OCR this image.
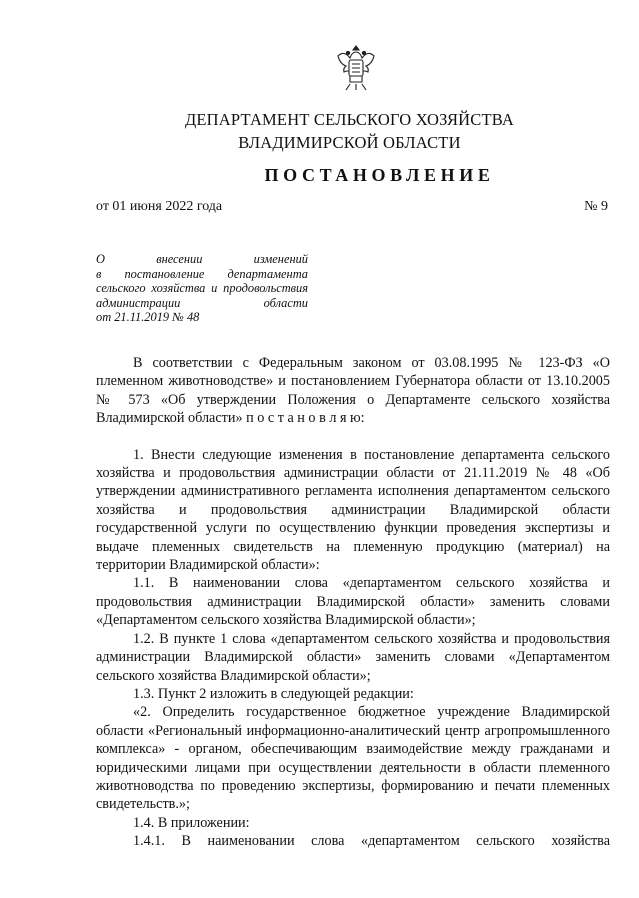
ДЕПАРТАМЕНТ СЕЛЬСКОГО ХОЗЯЙСТВА
ВЛАДИМИРСКОЙ ОБЛАСТИ
ПОСТАНОВЛЕНИЕ
от 01 июня 2022 года	№ 9
О внесении изменений
в постановление департамента
сельского хозяйства и продовольствия
администрации области
от 21.11.2019 № 48

В соответствии с Федеральным законом от 03.08.1995 № 123-ФЗ «О племенном животноводстве» и постановлением Губернатора области от 13.10.2005 № 573 «Об утверждении Положения о Департаменте сельского хозяйства Владимирской области» п о с т а н о в л я ю:

1. Внести следующие изменения в постановление департамента сельского хозяйства и продовольствия администрации области от 21.11.2019 № 48 «Об утверждении административного регламента исполнения департаментом сельского хозяйства и продовольствия администрации Владимирской области государственной услуги по осуществлению функции проведения экспертизы и выдаче племенных свидетельств на племенную продукцию (материал) на территории Владимирской области»:

1.1. В наименовании слова «департаментом сельского хозяйства и продовольствия администрации Владимирской области» заменить словами «Департаментом сельского хозяйства Владимирской области»;

1.2. В пункте 1 слова «департаментом сельского хозяйства и продовольствия администрации Владимирской области» заменить словами «Департаментом сельского хозяйства Владимирской области»;

1.3. Пункт 2 изложить в следующей редакции:

«2. Определить государственное бюджетное учреждение Владимирской области «Региональный информационно-аналитический центр агропромышленного комплекса» - органом, обеспечивающим взаимодействие между гражданами и юридическими лицами при осуществлении деятельности в области племенного животноводства по проведению экспертизы, формированию и печати племенных свидетельств.»;

1.4. В приложении:

1.4.1. В наименовании слова «департаментом сельского хозяйства
